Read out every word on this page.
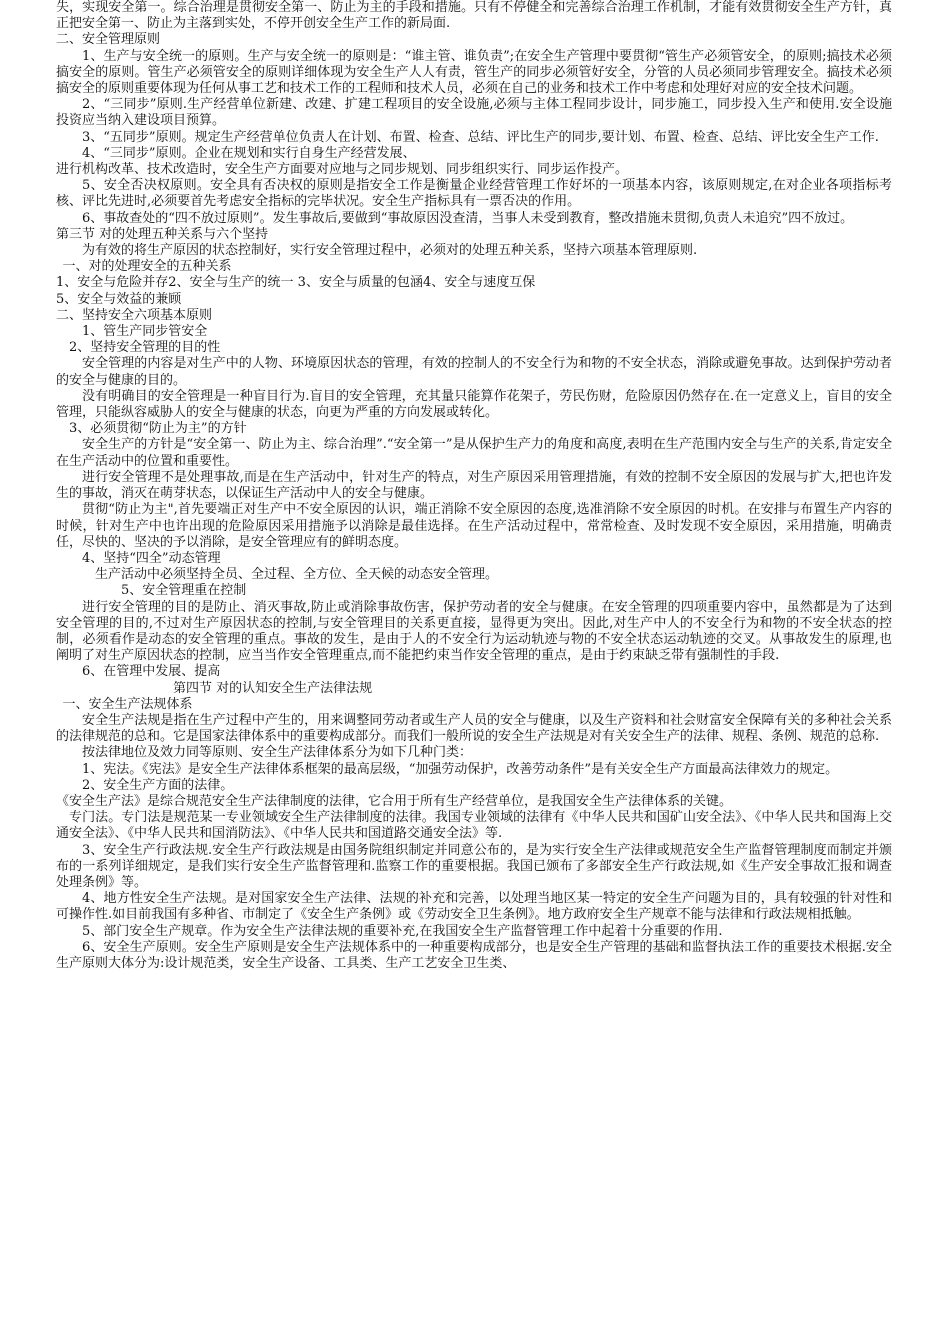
失，实现安全第一。综合治理是贯彻安全第一、防止为主的手段和措施。只有不停健全和完善综合治理工作机制，才能有效贯彻安全生产方针，真正把安全第一、防止为主落到实处，不停开创安全生产工作的新局面.

二、安全管理原则

1、生产与安全统一的原则。生产与安全统一的原则是：“谁主管、谁负责”;在安全生产管理中要贯彻“管生产必须管安全，的原则;搞技术必须搞安全的原则。管生产必须管安全的原则详细体现为安全生产人人有责，管生产的同步必须管好安全，分管的人员必须同步管理安全。搞技术必须搞安全的原则重要体现为任何从事工艺和技术工作的工程师和技术人员，必须在自己的业务和技术工作中考虑和处理好对应的安全技术问题。

2、“三同步”原则.生产经营单位新建、改建、扩建工程项目的安全设施,必须与主体工程同步设计，同步施工，同步投入生产和使用.安全设施投资应当纳入建设项目预算。

3、“五同步”原则。规定生产经营单位负责人在计划、布置、检查、总结、评比生产的同步,要计划、布置、检查、总结、评比安全生产工作.

4、“三同步”原则。企业在规划和实行自身生产经营发展、

进行机构改革、技术改造时，安全生产方面要对应地与之同步规划、同步组织实行、同步运作投产。

5、安全否决权原则。安全具有否决权的原则是指安全工作是衡量企业经营管理工作好坏的一项基本内容，该原则规定,在对企业各项指标考核、评比先进时,必须要首先考虑安全指标的完毕状况。安全生产指标具有一票否决的作用。

6、事故查处的“四不放过原则”。发生事故后,要做到“事故原因没查清，当事人未受到教育，整改措施未贯彻,负责人未追究”四不放过。

第三节 对的处理五种关系与六个坚持

为有效的将生产原因的状态控制好，实行安全管理过程中，必须对的处理五种关系，坚持六项基本管理原则.

一、对的处理安全的五种关系

1、安全与危险并存2、安全与生产的统一 3、安全与质量的包涵4、安全与速度互保

5、安全与效益的兼顾

二、坚持安全六项基本原则

1、管生产同步管安全

2、坚持安全管理的目的性

安全管理的内容是对生产中的人物、环境原因状态的管理，有效的控制人的不安全行为和物的不安全状态，消除或避免事故。达到保护劳动者的安全与健康的目的。

没有明确目的安全管理是一种盲目行为.盲目的安全管理，充其量只能算作花架子，劳民伤财，危险原因仍然存在.在一定意义上，盲目的安全管理，只能纵容威胁人的安全与健康的状态，向更为严重的方向发展或转化。

3、必须贯彻“防止为主”的方针

安全生产的方针是“安全第一、防止为主、综合治理”.“安全第一”是从保护生产力的角度和高度,表明在生产范围内安全与生产的关系,肯定安全在生产活动中的位置和重要性。

进行安全管理不是处理事故,而是在生产活动中，针对生产的特点，对生产原因采用管理措施，有效的控制不安全原因的发展与扩大,把也许发生的事故，消灭在萌芽状态，以保证生产活动中人的安全与健康。

贯彻“防止为主",首先要端正对生产中不安全原因的认识，端正消除不安全原因的态度,选准消除不安全原因的时机。在安排与布置生产内容的时候，针对生产中也许出现的危险原因采用措施予以消除是最佳选择。在生产活动过程中，常常检查、及时发现不安全原因，采用措施，明确责任，尽快的、坚决的予以消除，是安全管理应有的鲜明态度。

4、坚持“四全”动态管理

生产活动中必须坚持全员、全过程、全方位、全天候的动态安全管理。

5、安全管理重在控制

进行安全管理的目的是防止、消灭事故,防止或消除事故伤害，保护劳动者的安全与健康。在安全管理的四项重要内容中，虽然都是为了达到安全管理的目的,不过对生产原因状态的控制,与安全管理目的关系更直接，显得更为突出。因此,对生产中人的不安全行为和物的不安全状态的控制，必须看作是动态的安全管理的重点。事故的发生，是由于人的不安全行为运动轨迹与物的不安全状态运动轨迹的交叉。从事故发生的原理,也阐明了对生产原因状态的控制，应当当作安全管理重点,而不能把约束当作安全管理的重点，是由于约束缺乏带有强制性的手段.

6、在管理中发展、提高

第四节 对的认知安全生产法律法规

一、安全生产法规体系

安全生产法规是指在生产过程中产生的，用来调整同劳动者或生产人员的安全与健康，以及生产资料和社会财富安全保障有关的多种社会关系的法律规范的总和。它是国家法律体系中的重要构成部分。而我们一般所说的安全生产法规是对有关安全生产的法律、规程、条例、规范的总称.

按法律地位及效力同等原则、安全生产法律体系分为如下几种门类：

1、宪法。《宪法》是安全生产法律体系框架的最高层级，“加强劳动保护，改善劳动条件”是有关安全生产方面最高法律效力的规定。

2、安全生产方面的法律。

《安全生产法》是综合规范安全生产法律制度的法律，它合用于所有生产经营单位，是我国安全生产法律体系的关键。

专门法。专门法是规范某一专业领域安全生产法律制度的法律。我国专业领域的法律有《中华人民共和国矿山安全法》、《中华人民共和国海上交通安全法》、《中华人民共和国消防法》、《中华人民共和国道路交通安全法》等.

3、安全生产行政法规.安全生产行政法规是由国务院组织制定并同意公布的，是为实行安全生产法律或规范安全生产监督管理制度而制定并颁布的一系列详细规定，是我们实行安全生产监督管理和.监察工作的重要根据。我国已颁布了多部安全生产行政法规,如《生产安全事故汇报和调查处理条例》等。

4、地方性安全生产法规。是对国家安全生产法律、法规的补充和完善，以处理当地区某一特定的安全生产问题为目的，具有较强的针对性和可操作性.如目前我国有多种省、市制定了《安全生产条例》或《劳动安全卫生条例》。地方政府安全生产规章不能与法律和行政法规相抵触。

5、部门安全生产规章。作为安全生产法律法规的重要补充,在我国安全生产监督管理工作中起着十分重要的作用.

6、安全生产原则。安全生产原则是安全生产法规体系中的一种重要构成部分，也是安全生产管理的基础和监督执法工作的重要技术根据.安全生产原则大体分为:设计规范类，安全生产设备、工具类、生产工艺安全卫生类、
